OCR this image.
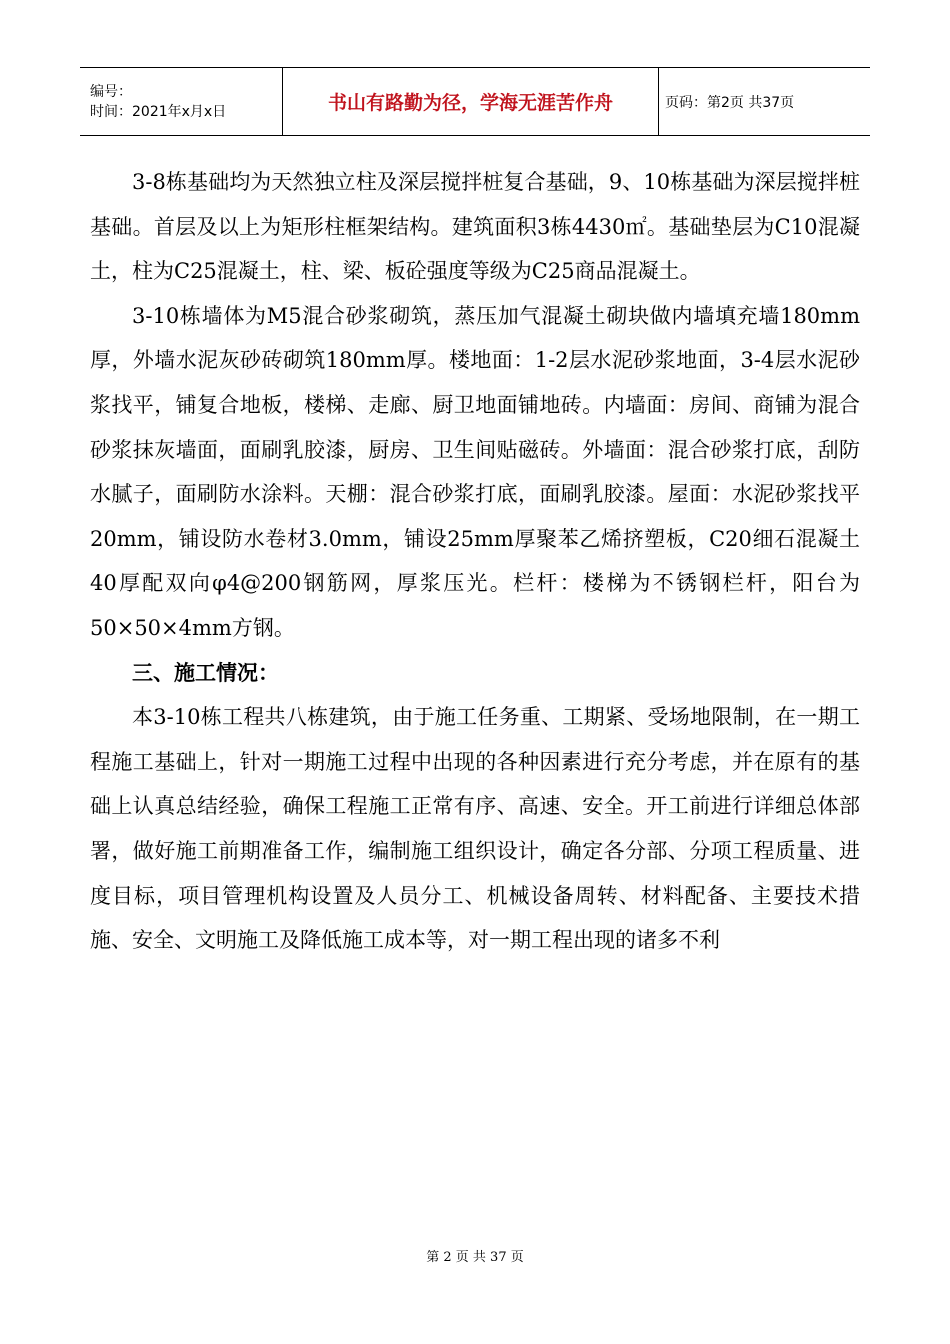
编号：
时间：2021年x月x日	书山有路勤为径，学海无涯苦作舟	页码：第2页 共37页

3-8栋基础均为天然独立柱及深层搅拌桩复合基础，9、10栋基础为深层搅拌桩基础。首层及以上为矩形柱框架结构。建筑面积3栋4430㎡。基础垫层为C10混凝土，柱为C25混凝土，柱、梁、板砼强度等级为C25商品混凝土。

3-10栋墙体为M5混合砂浆砌筑，蒸压加气混凝土砌块做内墙填充墙180mm厚，外墙水泥灰砂砖砌筑180mm厚。楼地面：1-2层水泥砂浆地面，3-4层水泥砂浆找平，铺复合地板，楼梯、走廊、厨卫地面铺地砖。内墙面：房间、商铺为混合砂浆抹灰墙面，面刷乳胶漆，厨房、卫生间贴磁砖。外墙面：混合砂浆打底，刮防水腻子，面刷防水涂料。天棚：混合砂浆打底，面刷乳胶漆。屋面：水泥砂浆找平20mm，铺设防水卷材3.0mm，铺设25mm厚聚苯乙烯挤塑板，C20细石混凝土40厚配双向φ4@200钢筋网，厚浆压光。栏杆：楼梯为不锈钢栏杆，阳台为50×50×4mm方钢。

三、施工情况：

本3-10栋工程共八栋建筑，由于施工任务重、工期紧、受场地限制，在一期工程施工基础上，针对一期施工过程中出现的各种因素进行充分考虑，并在原有的基础上认真总结经验，确保工程施工正常有序、高速、安全。开工前进行详细总体部署，做好施工前期准备工作，编制施工组织设计，确定各分部、分项工程质量、进度目标，项目管理机构设置及人员分工、机械设备周转、材料配备、主要技术措施、安全、文明施工及降低施工成本等，对一期工程出现的诸多不利

第 2 页 共 37 页
